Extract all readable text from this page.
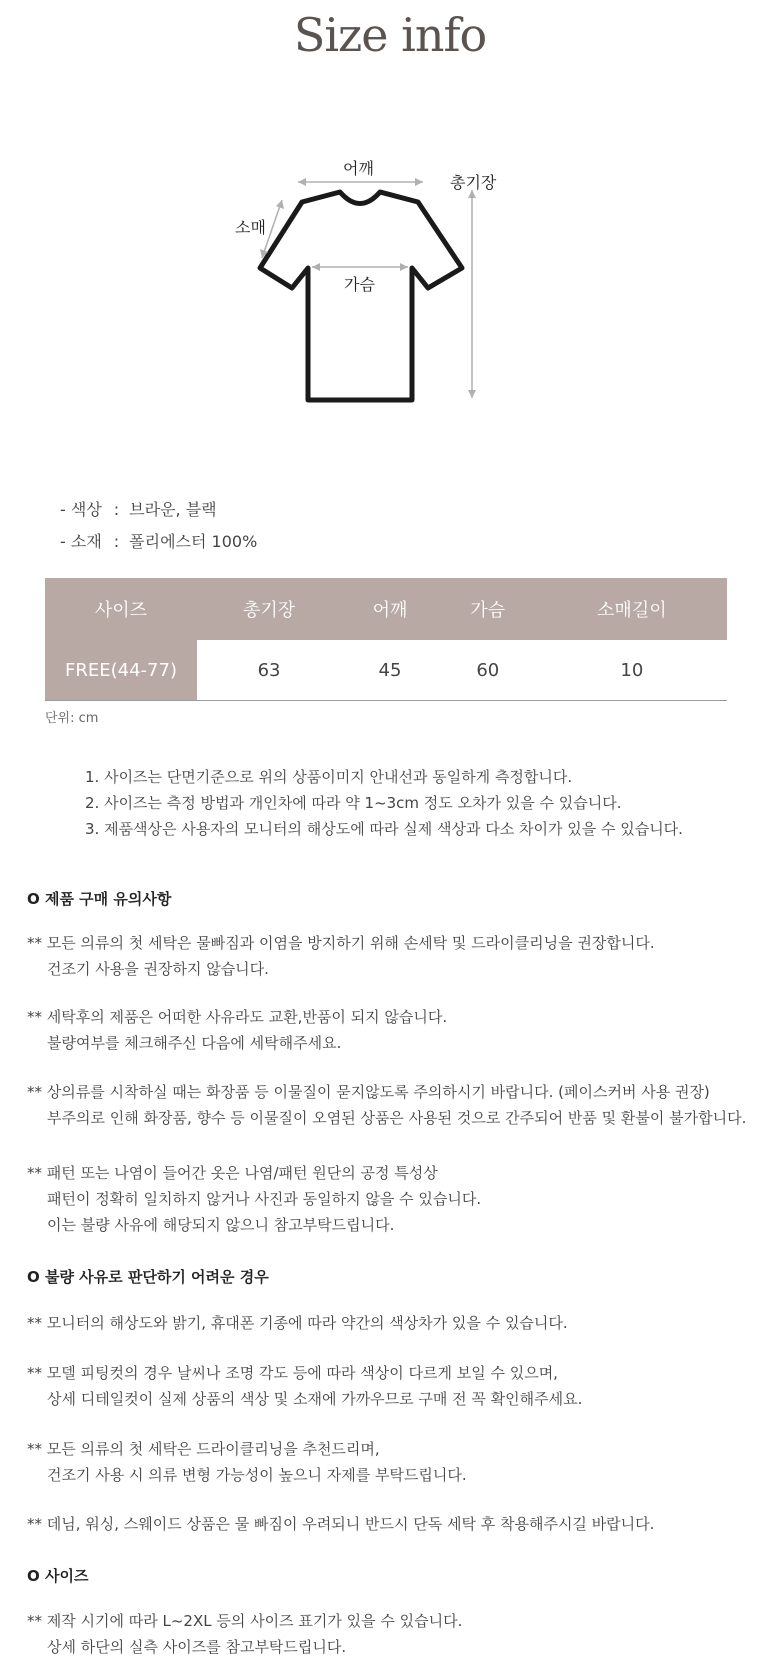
Size info
어깨
총기장
소매
가슴
- 색상 : 브라운, 블랙
- 소재 : 폴리에스터 100%
사이즈	총기장	어깨	가슴	소매길이
FREE(44-77)	63	45	60	10
단위: cm
1. 사이즈는 단면기준으로 위의 상품이미지 안내선과 동일하게 측정합니다.
2. 사이즈는 측정 방법과 개인차에 따라 약 1~3cm 정도 오차가 있을 수 있습니다.
3. 제품색상은 사용자의 모니터의 해상도에 따라 실제 색상과 다소 차이가 있을 수 있습니다.
O 제품 구매 유의사항
** 모든 의류의 첫 세탁은 물빠짐과 이염을 방지하기 위해 손세탁 및 드라이클리닝을 권장합니다.
건조기 사용을 권장하지 않습니다.
** 세탁후의 제품은 어떠한 사유라도 교환,반품이 되지 않습니다.
불량여부를 체크해주신 다음에 세탁해주세요.
** 상의류를 시착하실 때는 화장품 등 이물질이 묻지않도록 주의하시기 바랍니다. (페이스커버 사용 권장)
부주의로 인해 화장품, 향수 등 이물질이 오염된 상품은 사용된 것으로 간주되어 반품 및 환불이 불가합니다.
** 패턴 또는 나염이 들어간 옷은 나염/패턴 원단의 공정 특성상
패턴이 정확히 일치하지 않거나 사진과 동일하지 않을 수 있습니다.
이는 불량 사유에 해당되지 않으니 참고부탁드립니다.
O 불량 사유로 판단하기 어려운 경우
** 모니터의 해상도와 밝기, 휴대폰 기종에 따라 약간의 색상차가 있을 수 있습니다.
** 모델 피팅컷의 경우 날씨나 조명 각도 등에 따라 색상이 다르게 보일 수 있으며,
상세 디테일컷이 실제 상품의 색상 및 소재에 가까우므로 구매 전 꼭 확인해주세요.
** 모든 의류의 첫 세탁은 드라이클리닝을 추천드리며,
건조기 사용 시 의류 변형 가능성이 높으니 자제를 부탁드립니다.
** 데님, 워싱, 스웨이드 상품은 물 빠짐이 우려되니 반드시 단독 세탁 후 착용해주시길 바랍니다.
O 사이즈
** 제작 시기에 따라 L~2XL 등의 사이즈 표기가 있을 수 있습니다.
상세 하단의 실측 사이즈를 참고부탁드립니다.
